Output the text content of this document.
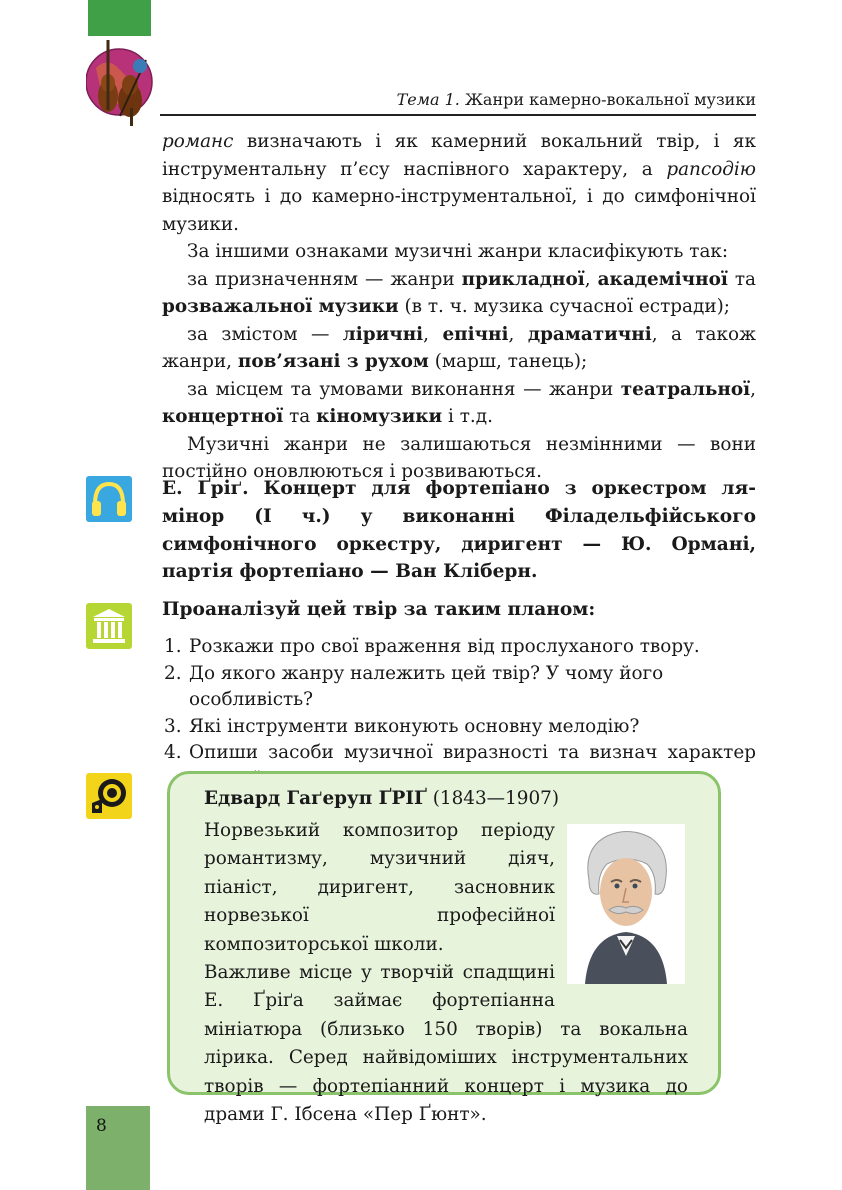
Тема 1. Жанри камерно-вокальної музики

романс визначають і як камерний вокальний твір, і як інструментальну п’єсу наспівного характеру, а рапсодію відносять і до камерно-інструментальної, і до симфонічної музики.

За іншими ознаками музичні жанри класифікують так:

за призначенням — жанри прикладної, академічної та розважальної музики (в т. ч. музика сучасної естради);

за змістом — ліричні, епічні, драматичні, а також жанри, пов’язані з рухом (марш, танець);

за місцем та умовами виконання — жанри театральної, концертної та кіномузики і т.д.

Музичні жанри не залишаються незмінними — вони постійно оновлюються і розвиваються.

Е. Ґріґ. Концерт для фортепіано з оркестром ля-мінор (І ч.) у виконанні Філадельфійського симфонічного оркестру, диригент — Ю. Ормані, партія фортепіано — Ван Кліберн.
Проаналізуй цей твір за таким планом:
1. Розкажи про свої враження від прослуханого твору.
2. До якого жанру належить цей твір? У чому його особливість?
3. Які інструменти виконують основну мелодію?
4. Опиши засоби музичної виразності та визнач характер
Едвард Гаґеруп ҐРІҐ (1843—1907)
Норвезький композитор періоду романтизму, музичний діяч, піаніст, диригент, засновник норвезької професійної композиторської школи.
Важливе місце у творчій спадщині Е. Ґріґа займає фортепіанна мініатюра (близько 150 творів) та вокальна лірика. Серед найвідоміших інструментальних творів — фортепіанний концерт і музика до драми Г. Ібсена «Пер Ґюнт».
8
